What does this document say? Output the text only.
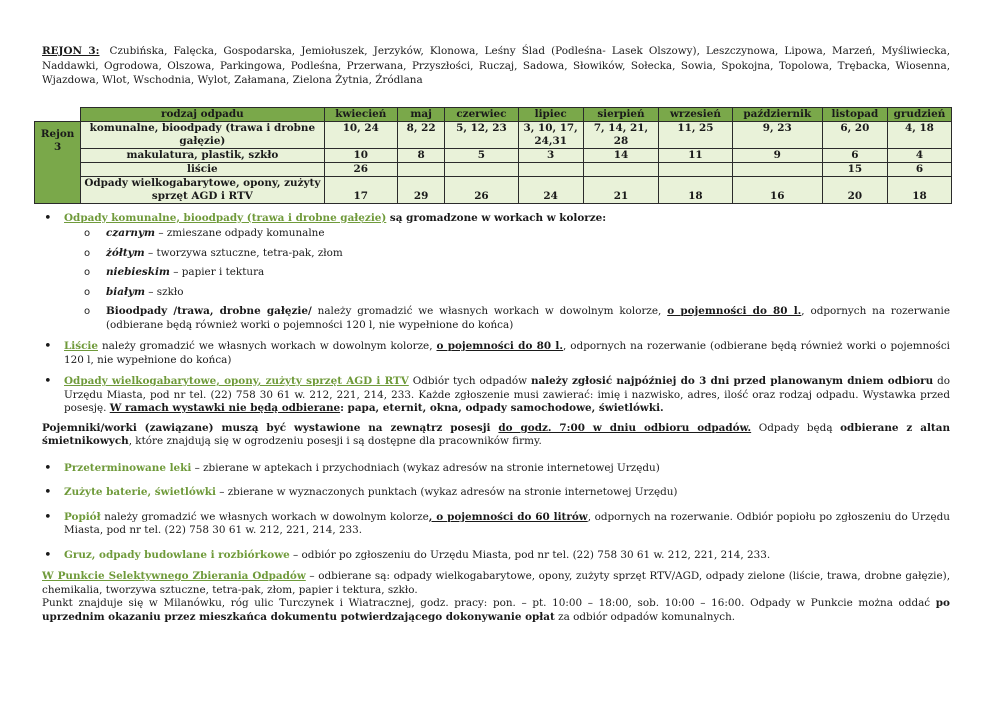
REJON 3: Czubińska, Falęcka, Gospodarska, Jemiołuszek, Jerzyków, Klonowa, Leśny Ślad (Podleśna- Lasek Olszowy), Leszczynowa, Lipowa, Marzeń, Myśliwiecka, Naddawki, Ogrodowa, Olszowa, Parkingowa, Podleśna, Przerwana, Przyszłości, Ruczaj, Sadowa, Słowików, Sołecka, Sowia, Spokojna, Topolowa, Trębacka, Wiosenna, Wjazdowa, Wlot, Wschodnia, Wylot, Załamana, Zielona Żytnia, Źródlana

	rodzaj odpadu	kwiecień	maj	czerwiec	lipiec	sierpień	wrzesień	październik	listopad	grudzień
Rejon 3	komunalne, bioodpady (trawa i drobne gałęzie)	10, 24	8, 22	5, 12, 23	3, 10, 17, 24,31	7, 14, 21, 28	11, 25	9, 23	6, 20	4, 18
	makulatura, plastik, szkło	10	8	5	3	14	11	9	6	4
	liście	26							15	6
	Odpady wielkogabarytowe, opony, zużyty sprzęt AGD i RTV	17	29	26	24	21	18	16	20	18
• Odpady komunalne, bioodpady (trawa i drobne gałęzie) są gromadzone w workach w kolorze:
o czarnym – zmieszane odpady komunalne
o żółtym – tworzywa sztuczne, tetra-pak, złom
o niebieskim – papier i tektura
o białym – szkło
o Bioodpady /trawa, drobne gałęzie/ należy gromadzić we własnych workach w dowolnym kolorze, o pojemności do 80 l., odpornych na rozerwanie (odbierane będą również worki o pojemności 120 l, nie wypełnione do końca)
• Liście należy gromadzić we własnych workach w dowolnym kolorze, o pojemności do 80 l., odpornych na rozerwanie (odbierane będą również worki o pojemności 120 l, nie wypełnione do końca)
• Odpady wielkogabarytowe, opony, zużyty sprzęt AGD i RTV Odbiór tych odpadów należy zgłosić najpóźniej do 3 dni przed planowanym dniem odbioru do Urzędu Miasta, pod nr tel. (22) 758 30 61 w. 212, 221, 214, 233. Każde zgłoszenie musi zawierać: imię i nazwisko, adres, ilość oraz rodzaj odpadu. Wystawka przed posesję. W ramach wystawki nie będą odbierane: papa, eternit, okna, odpady samochodowe, świetlówki.

Pojemniki/worki (zawiązane) muszą być wystawione na zewnątrz posesji do godz. 7:00 w dniu odbioru odpadów. Odpady będą odbierane z altan śmietnikowych, które znajdują się w ogrodzeniu posesji i są dostępne dla pracowników firmy.

• Przeterminowane leki – zbierane w aptekach i przychodniach (wykaz adresów na stronie internetowej Urzędu)
• Zużyte baterie, świetlówki – zbierane w wyznaczonych punktach (wykaz adresów na stronie internetowej Urzędu)
• Popiół należy gromadzić we własnych workach w dowolnym kolorze, o pojemności do 60 litrów, odpornych na rozerwanie. Odbiór popiołu po zgłoszeniu do Urzędu Miasta, pod nr tel. (22) 758 30 61 w. 212, 221, 214, 233.
• Gruz, odpady budowlane i rozbiórkowe – odbiór po zgłoszeniu do Urzędu Miasta, pod nr tel. (22) 758 30 61 w. 212, 221, 214, 233.

W Punkcie Selektywnego Zbierania Odpadów – odbierane są: odpady wielkogabarytowe, opony, zużyty sprzęt RTV/AGD, odpady zielone (liście, trawa, drobne gałęzie), chemikalia, tworzywa sztuczne, tetra-pak, złom, papier i tektura, szkło.

Punkt znajduje się w Milanówku, róg ulic Turczynek i Wiatracznej, godz. pracy: pon. – pt. 10:00 – 18:00, sob. 10:00 – 16:00. Odpady w Punkcie można oddać po uprzednim okazaniu przez mieszkańca dokumentu potwierdzającego dokonywanie opłat za odbiór odpadów komunalnych.
